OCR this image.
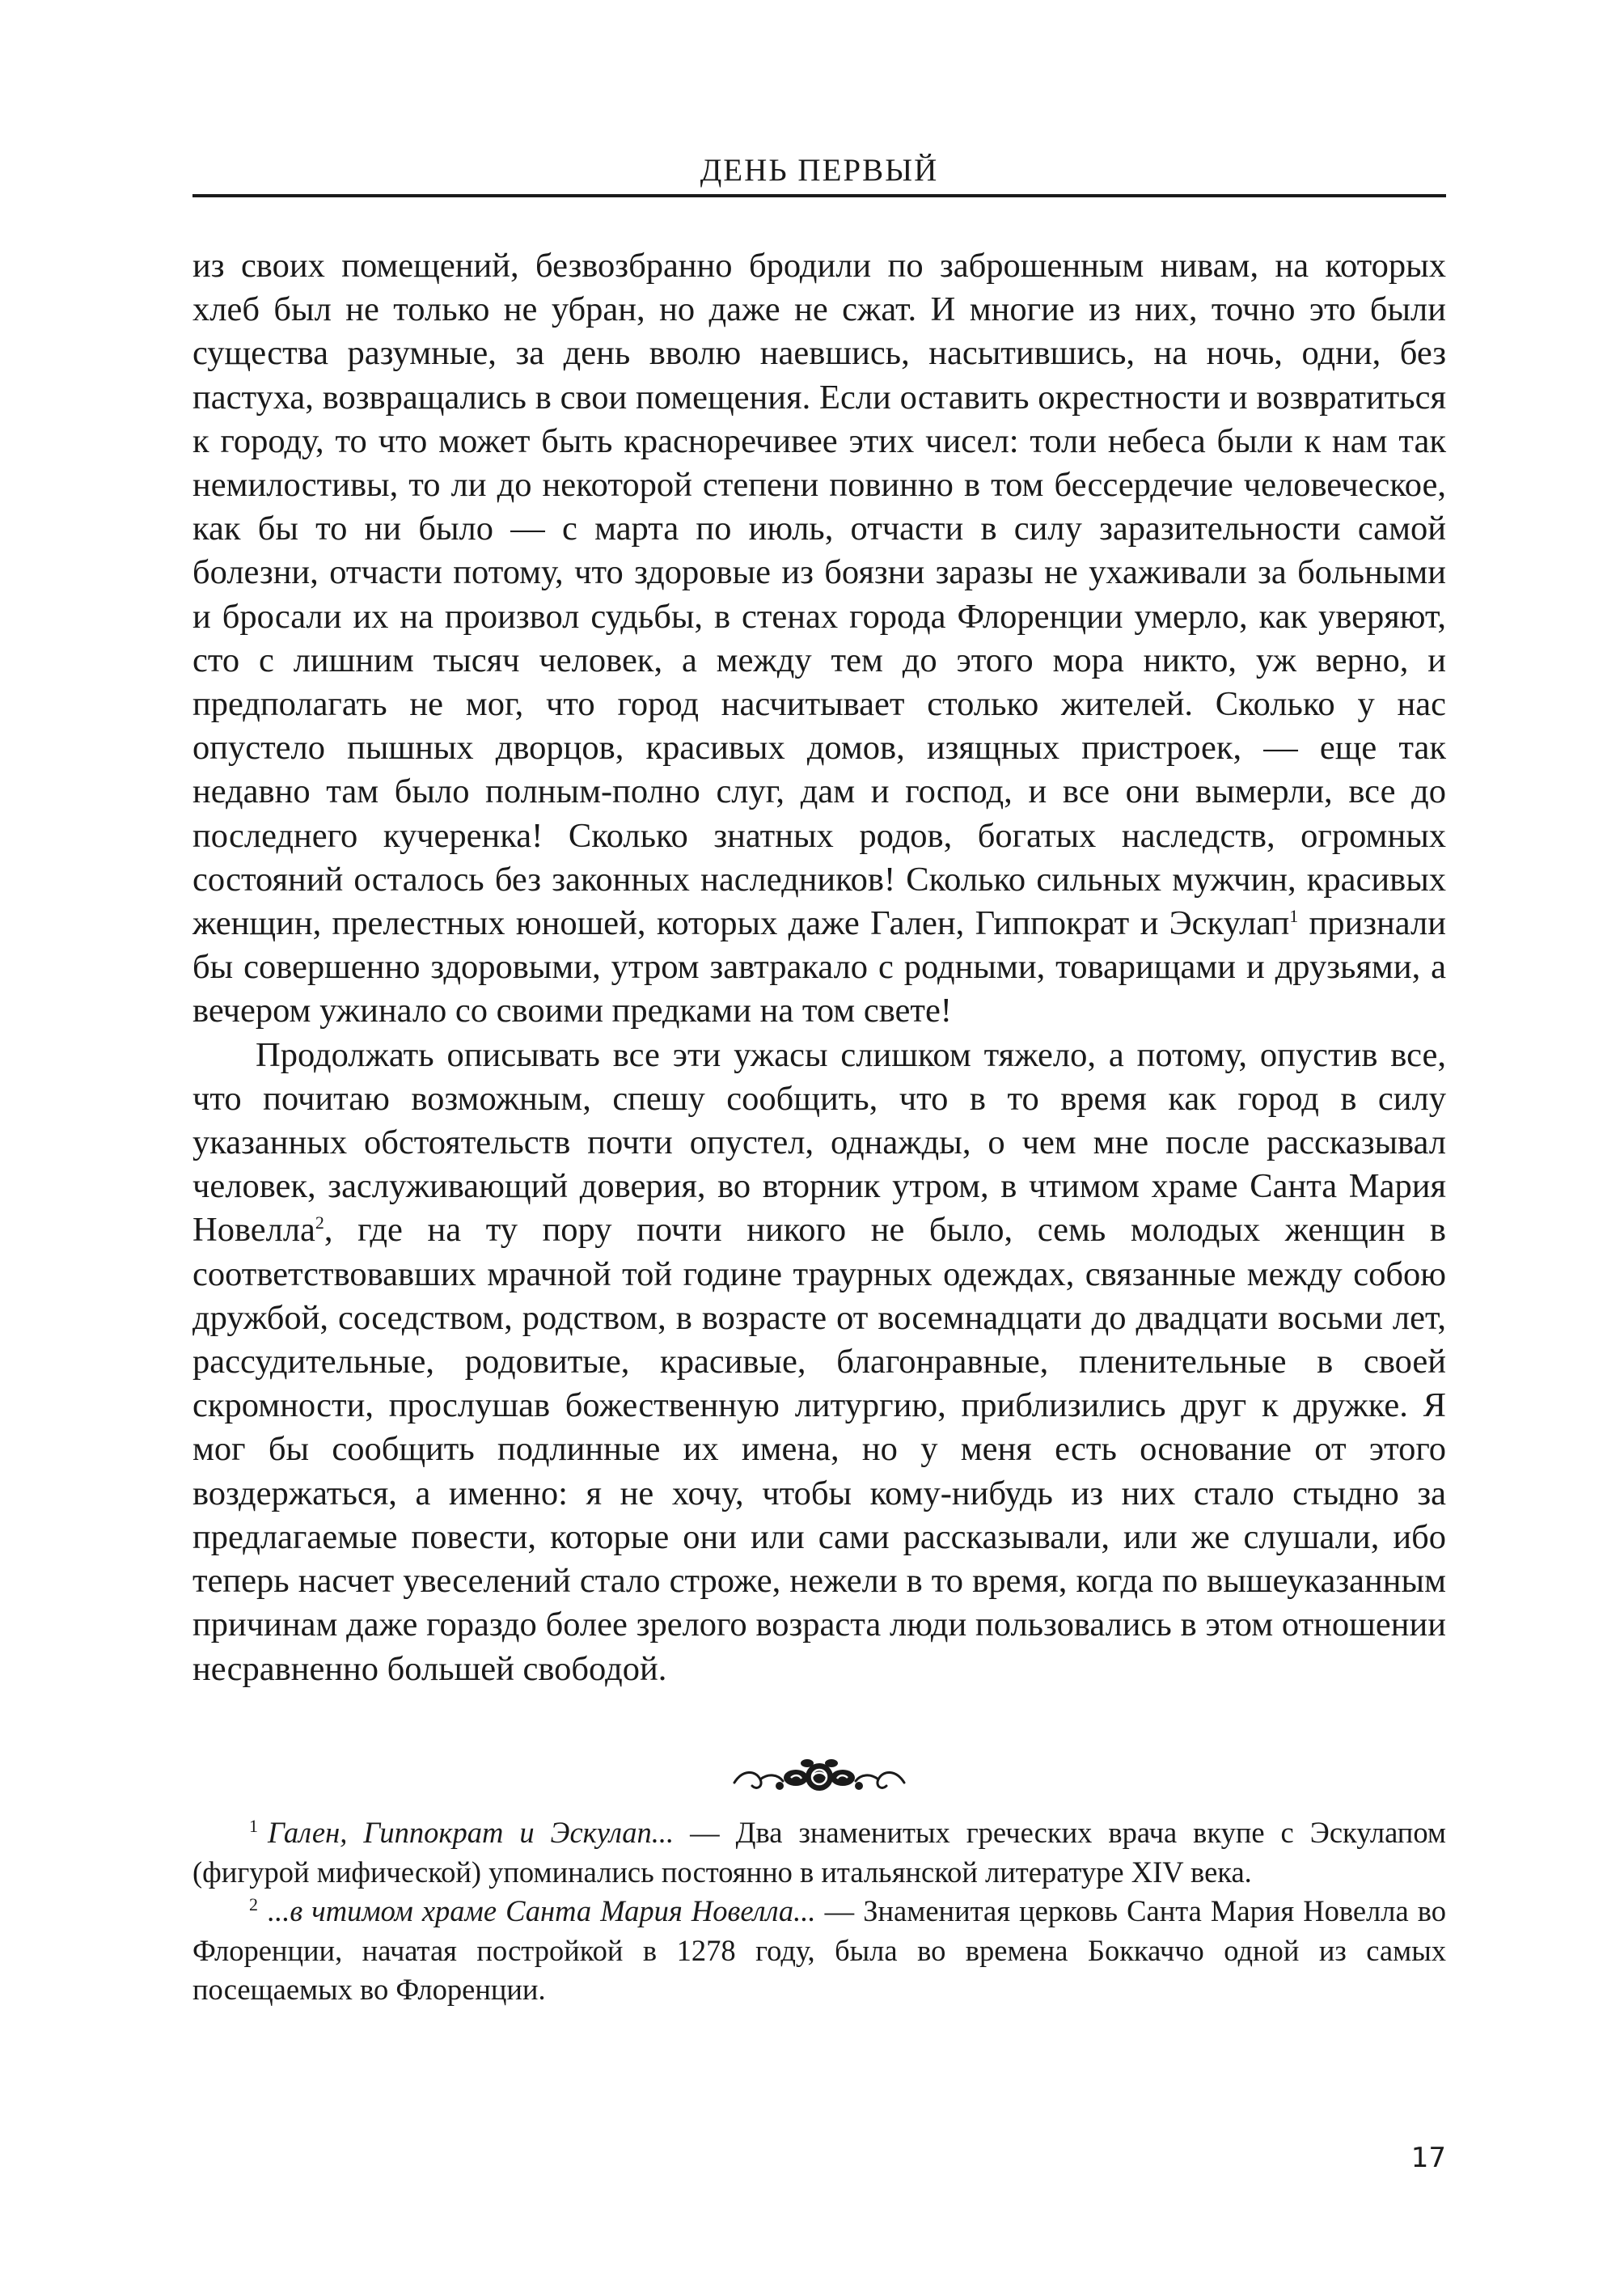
ДЕНЬ ПЕРВЫЙ

из своих помещений, безвозбранно бродили по заброшенным нивам, на которых хлеб был не только не убран, но даже не сжат. И многие из них, точно это были существа разумные, за день вволю наевшись, насытившись, на ночь, одни, без пастуха, возвращались в свои помещения. Если оставить окрестности и возвратиться к городу, то что может быть красноречивее этих чисел: толи небеса были к нам так немилостивы, то ли до некоторой степени повинно в том бессердечие человеческое, как бы то ни было — с марта по июль, отчасти в силу заразительности самой болезни, отчасти потому, что здоровые из боязни заразы не ухаживали за больными и бросали их на произвол судьбы, в стенах города Флоренции умерло, как уверяют, сто с лишним тысяч человек, а между тем до этого мора никто, уж верно, и предполагать не мог, что город насчитывает столько жителей. Сколько у нас опустело пышных дворцов, красивых домов, изящных пристроек, — еще так недавно там было полным-полно слуг, дам и господ, и все они вымерли, все до последнего кучеренка! Сколько знатных родов, богатых наследств, огромных состояний осталось без законных наследников! Сколько сильных мужчин, красивых женщин, прелестных юношей, которых даже Гален, Гиппократ и Эскулап$^1$ признали бы совершенно здоровыми, утром завтракало с родными, товарищами и друзьями, а вечером ужинало со своими предками на том свете!

Продолжать описывать все эти ужасы слишком тяжело, а потому, опустив все, что почитаю возможным, спешу сообщить, что в то время как город в силу указанных обстоятельств почти опустел, однажды, о чем мне после рассказывал человек, заслуживающий доверия, во вторник утром, в чтимом храме Санта Мария Новелла$^2$, где на ту пору почти никого не было, семь молодых женщин в соответствовавших мрачной той године траурных одеждах, связанные между собою дружбой, соседством, родством, в возрасте от восемнадцати до двадцати восьми лет, рассудительные, родовитые, красивые, благонравные, пленительные в своей скромности, прослушав божественную литургию, приблизились друг к дружке. Я мог бы сообщить подлинные их имена, но у меня есть основание от этого воздержаться, а именно: я не хочу, чтобы кому-нибудь из них стало стыдно за предлагаемые повести, которые они или сами рассказывали, или же слушали, ибо теперь насчет увеселений стало строже, нежели в то время, когда по вышеуказанным причинам даже гораздо более зрелого возраста люди пользовались в этом отношении несравненно большей свободой.

$^1$ Гален, Гиппократ и Эскулап... — Два знаменитых греческих врача вкупе с Эскулапом (фигурой мифической) упоминались постоянно в итальянской литературе XIV века.

$^2$ ...в чтимом храме Санта Мария Новелла... — Знаменитая церковь Санта Мария Новелла во Флоренции, начатая постройкой в 1278 году, была во времена Боккаччо одной из самых посещаемых во Флоренции.

17
